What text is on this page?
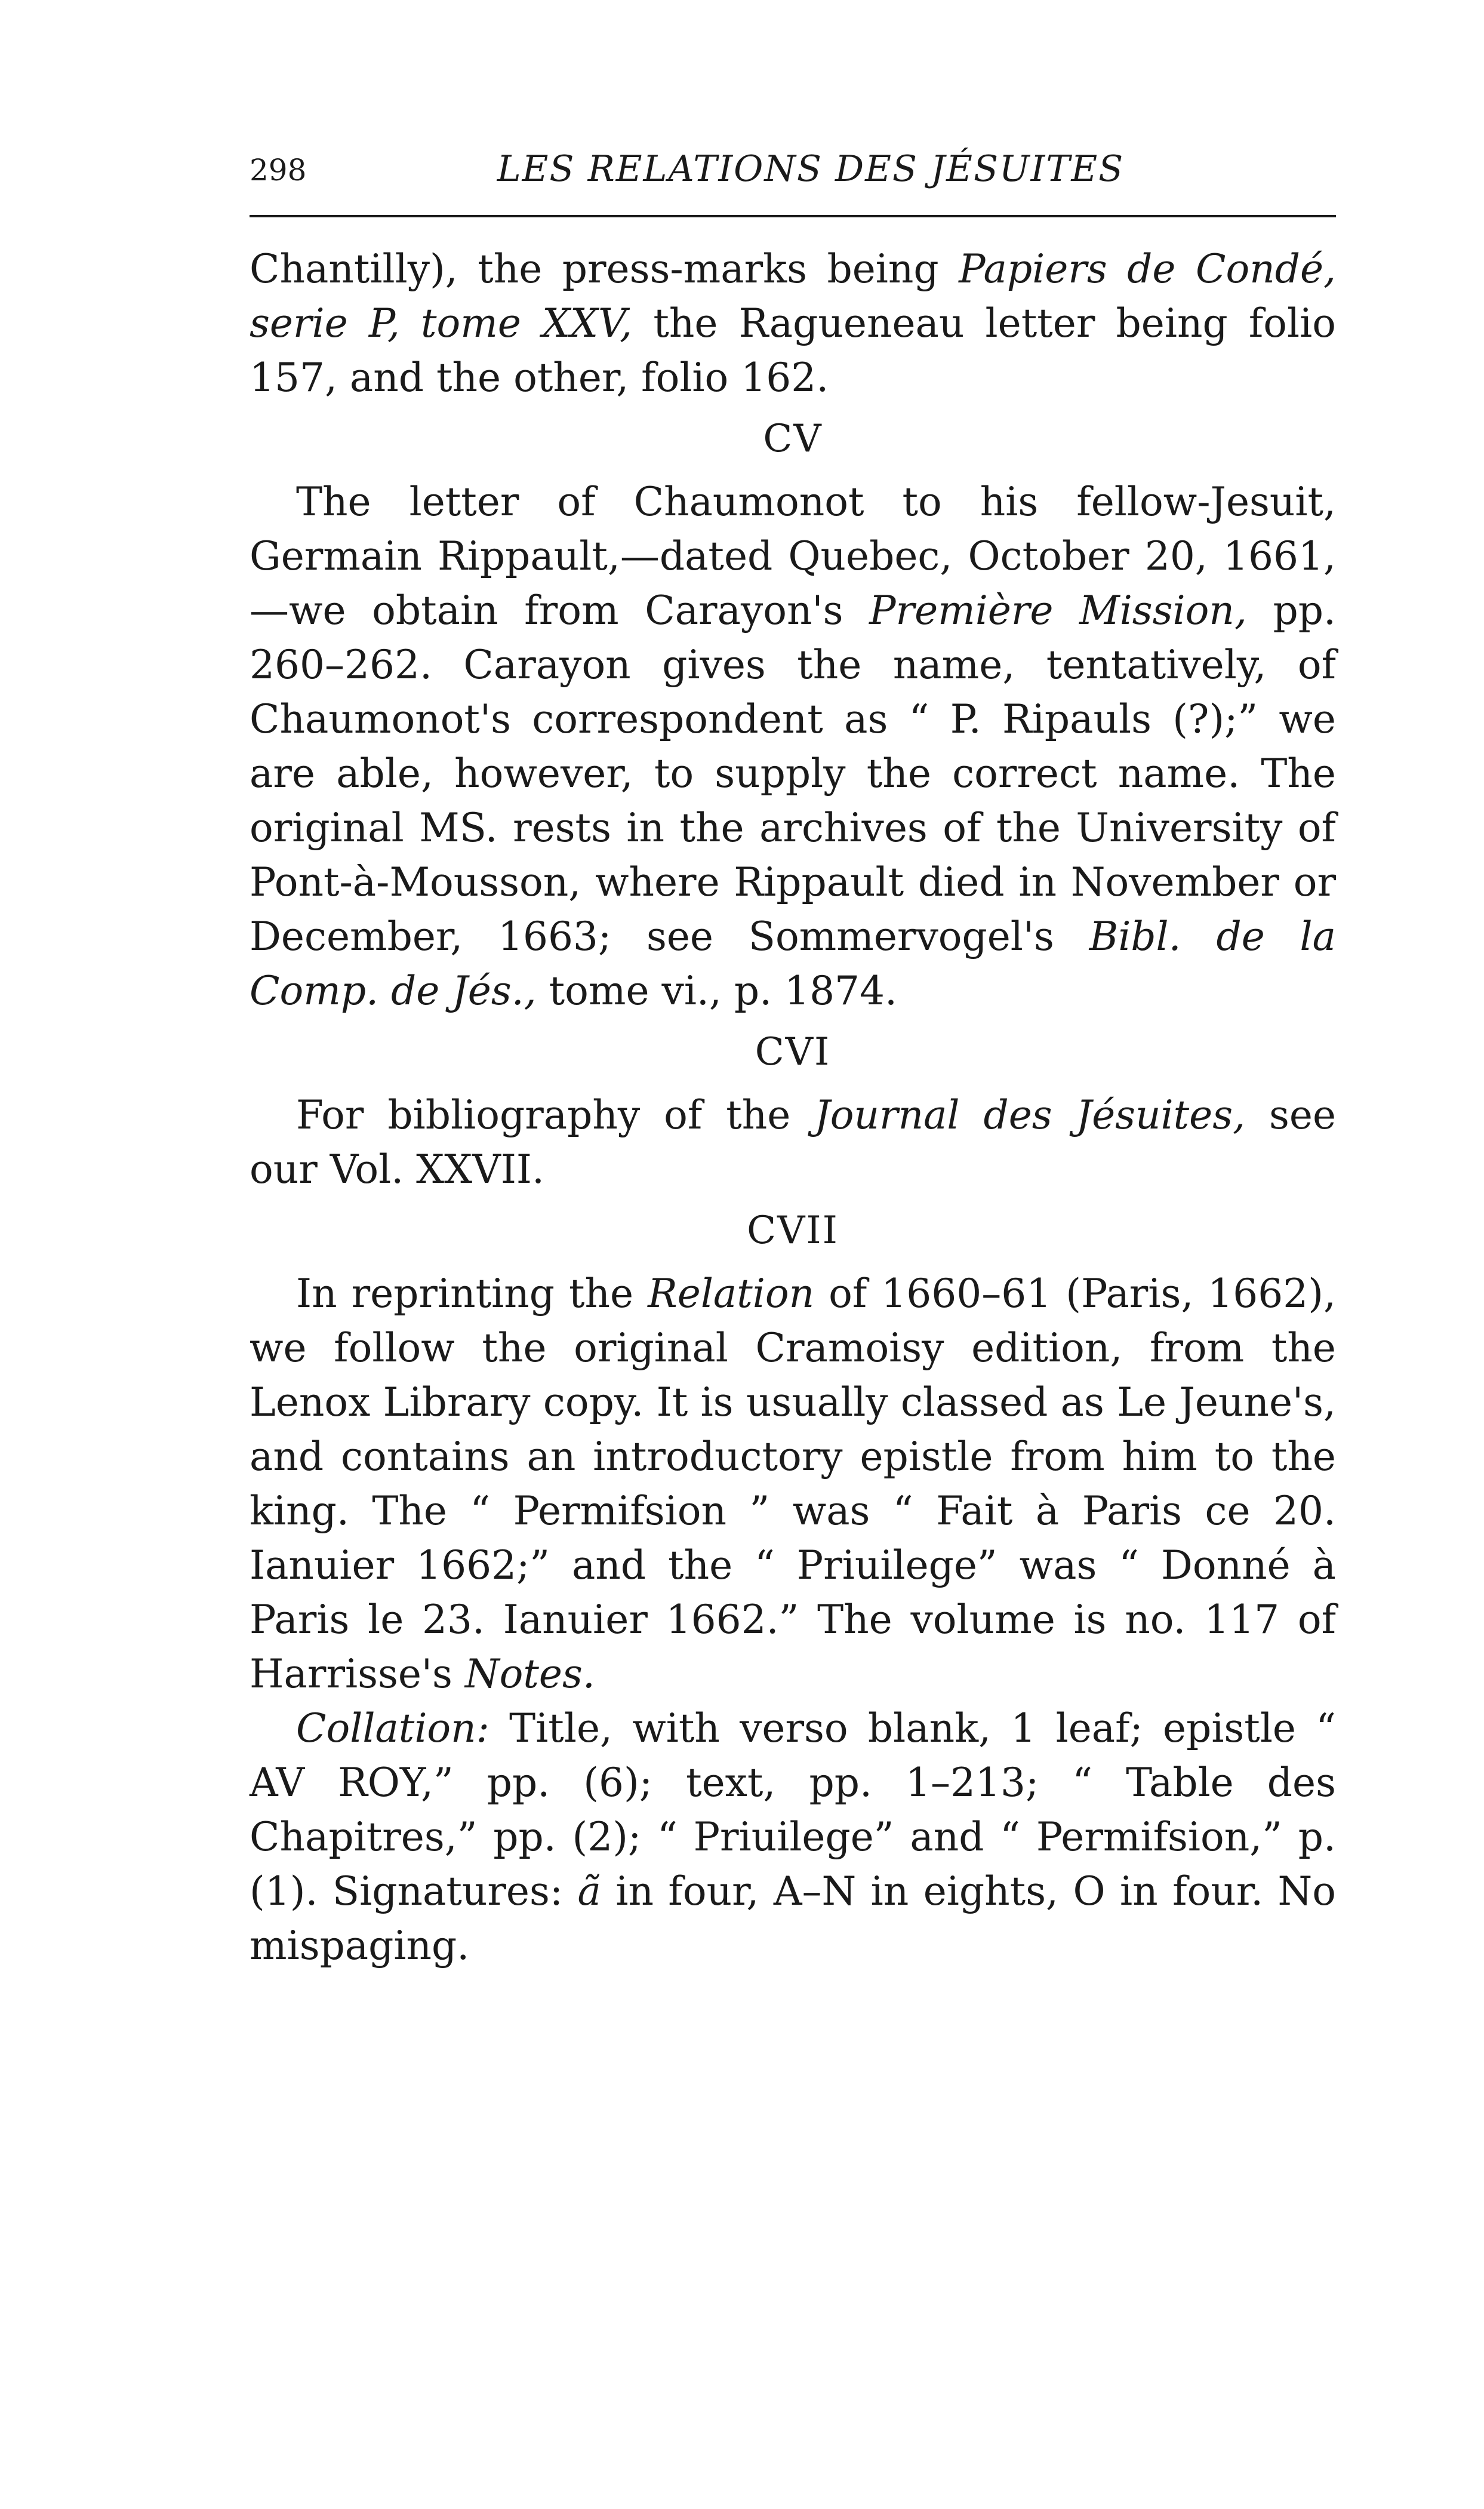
298	LES RELATIONS DES JÉSUITES

Chantilly), the press-marks being Papiers de Condé, serie P, tome XXV, the Ragueneau letter being folio 157, and the other, folio 162.

CV

The letter of Chaumonot to his fellow-Jesuit, Germain Rippault,—dated Quebec, October 20, 1661,—we obtain from Carayon's Première Mission, pp. 260–262. Carayon gives the name, tentatively, of Chaumonot's correspondent as “ P. Ripauls (?);” we are able, however, to supply the correct name. The original MS. rests in the archives of the University of Pont-à-Mousson, where Rippault died in November or December, 1663; see Sommervogel's Bibl. de la Comp. de Jés., tome vi., p. 1874.

CVI

For bibliography of the Journal des Jésuites, see our Vol. XXVII.

CVII

In reprinting the Relation of 1660–61 (Paris, 1662), we follow the original Cramoisy edition, from the Lenox Library copy. It is usually classed as Le Jeune's, and contains an introductory epistle from him to the king. The “ Permifsion ” was “ Fait à Paris ce 20. Ianuier 1662;” and the “ Priuilege” was “ Donné à Paris le 23. Ianuier 1662.” The volume is no. 117 of Harrisse's Notes.

Collation: Title, with verso blank, 1 leaf; epistle “ AV ROY,” pp. (6); text, pp. 1–213; “ Table des Chapitres,” pp. (2); “ Priuilege” and “ Permifsion,” p. (1). Signatures: ã in four, A–N in eights, O in four. No mispaging.
